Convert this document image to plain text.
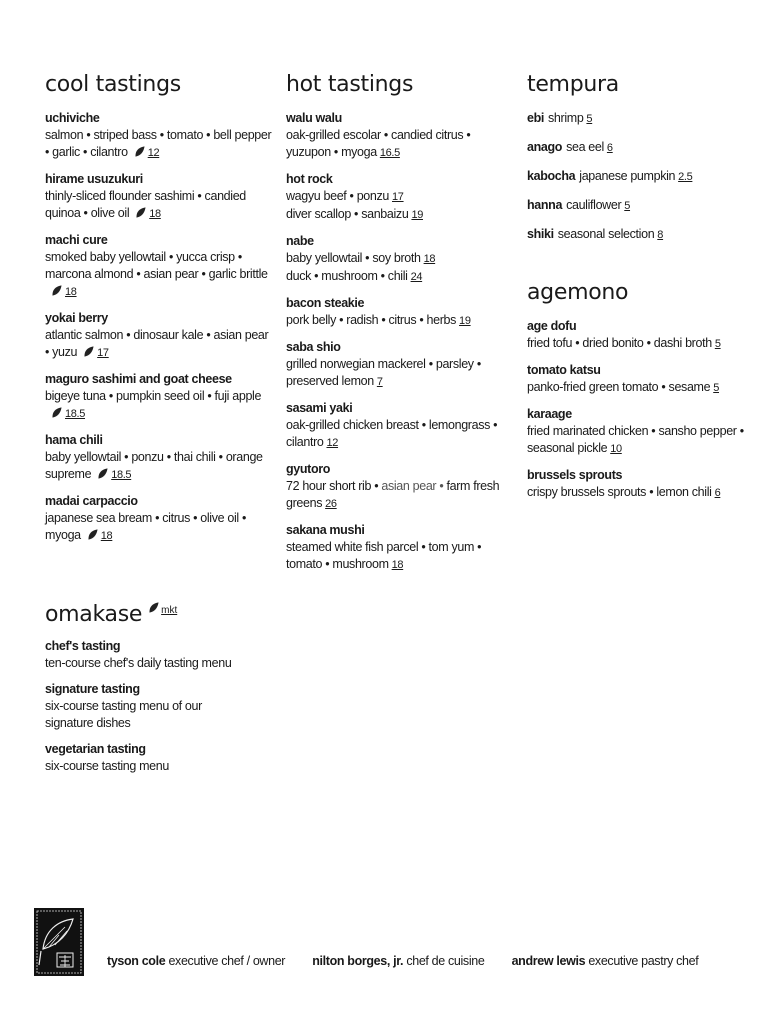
cool tastings
uchiviche
salmon • striped bass • tomato • bell pepper • garlic • cilantro 12
hirame usuzukuri
thinly-sliced flounder sashimi • candied quinoa • olive oil 18
machi cure
smoked baby yellowtail • yucca crisp • marcona almond • asian pear • garlic brittle18
yokai berry
atlantic salmon • dinosaur kale • asian pear • yuzu 17
maguro sashimi and goat cheese
bigeye tuna • pumpkin seed oil • fuji apple18.5
hama chili
baby yellowtail • ponzu • thai chili • orange supreme 18.5
madai carpaccio
japanese sea bream • citrus • olive oil • myoga 18
hot tastings
walu walu
oak-grilled escolar • candied citrus • yuzupon • myoga 16.5
hot rock
wagyu beef • ponzu 17
diver scallop • sanbaizu 19
nabe
baby yellowtail • soy broth 18
duck • mushroom • chili 24
bacon steakie
pork belly • radish • citrus • herbs 19
saba shio
grilled norwegian mackerel • parsley • preserved lemon 7
sasami yaki
oak-grilled chicken breast • lemongrass • cilantro 12
gyutoro
72 hour short rib • asian pear • farm fresh greens 26
sakana mushi
steamed white fish parcel • tom yum • tomato • mushroom 18
tempura
ebi shrimp 5
anago sea eel 6
kabocha japanese pumpkin 2.5
hanna cauliflower 5
shiki seasonal selection 8
agemono
age dofu
fried tofu • dried bonito • dashi broth 5
tomato katsu
panko-fried green tomato • sesame 5
karaage
fried marinated chicken • sansho pepper • seasonal pickle 10
brussels sprouts
crispy brussels sprouts • lemon chili 6
omakase $^{mkt}$
chef's tasting
ten-course chef's daily tasting menu
signature tasting
six-course tasting menu of our signature dishes
vegetarian tasting
six-course tasting menu
tyson cole executive chef / owner nilton borges, jr. chef de cuisine andrew lewis executive pastry chef
